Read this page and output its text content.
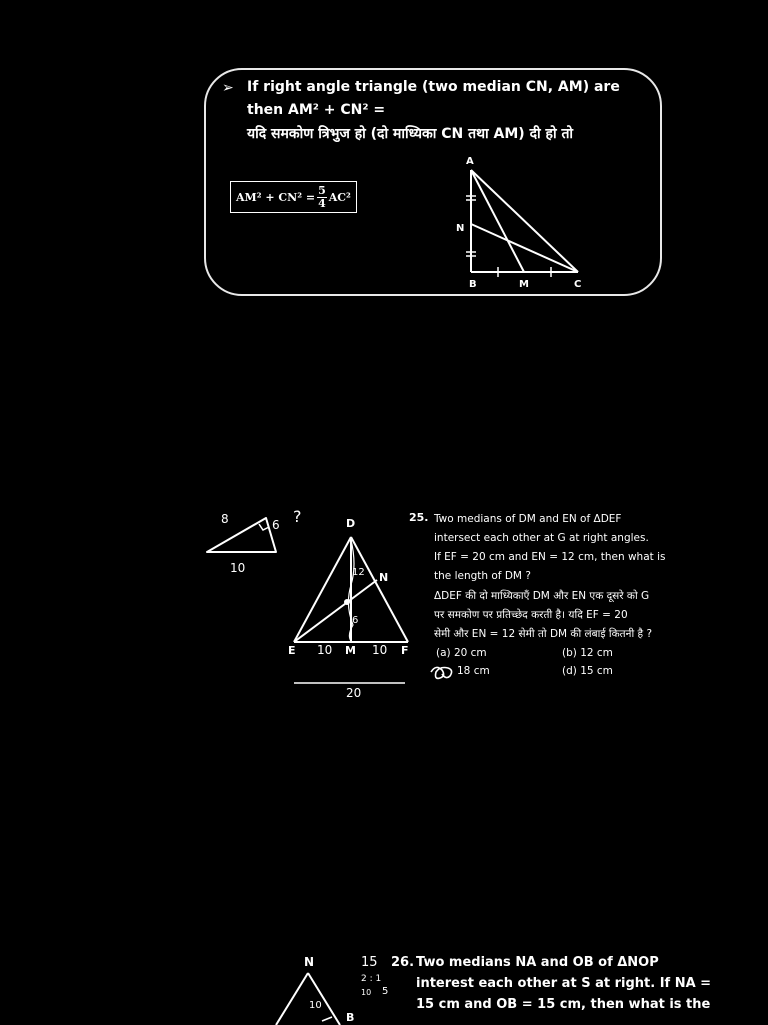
➢ If right angle triangle (two median CN, AM) are
then AM² + CN² =
यदि समकोण त्रिभुज हो (दो माध्यिका CN तथा AM) दी हो तो
$AM^2 + CN^2 = \frac{5}{4} AC^2$
A
N
B	M	C
8	6 ?
10
D
N
E	M	F
10	10
12
6
20
25. Two medians of DM and EN of ΔDEF
intersect each other at G at right angles.
If EF = 20 cm and EN = 12 cm, then what is
the length of DM ?
ΔDEF की दो माध्यिकाएँ DM और EN एक दूसरे को G
पर समकोण पर प्रतिच्छेद करती है। यदि EF = 20
सेमी और EN = 12 सेमी तो DM की लंबाई कितनी है ?
(a) 20 cm	(b) 12 cm
18 cm	(d) 15 cm
N
B
10
15
2 : 1
10 5
26. Two medians NA and OB of ΔNOP
interest each other at S at right. If NA =
15 cm and OB = 15 cm, then what is the
